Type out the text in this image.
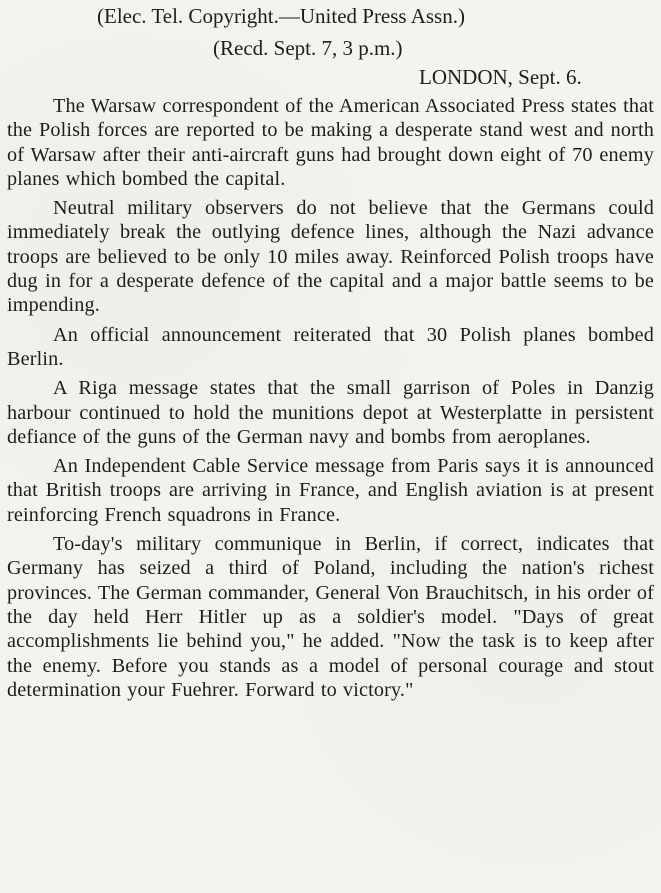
(Elec. Tel. Copyright.—United Press Assn.)

(Recd. Sept. 7, 3 p.m.)

LONDON, Sept. 6.

The Warsaw correspondent of the American Associated Press states that the Polish forces are reported to be making a desperate stand west and north of Warsaw after their anti-aircraft guns had brought down eight of 70 enemy planes which bombed the capital.

Neutral military observers do not believe that the Germans could immediately break the outlying defence lines, although the Nazi advance troops are believed to be only 10 miles away. Reinforced Polish troops have dug in for a desperate defence of the capital and a major battle seems to be impending.

An official announcement reiterated that 30 Polish planes bombed Berlin.

A Riga message states that the small garrison of Poles in Danzig harbour continued to hold the munitions depot at Westerplatte in persistent defiance of the guns of the German navy and bombs from aeroplanes.

An Independent Cable Service message from Paris says it is announced that British troops are arriving in France, and English aviation is at present reinforcing French squadrons in France.

To-day's military communique in Berlin, if correct, indicates that Germany has seized a third of Poland, including the nation's richest provinces. The German commander, General Von Brauchitsch, in his order of the day held Herr Hitler up as a soldier's model. "Days of great accomplishments lie behind you," he added. "Now the task is to keep after the enemy. Before you stands as a model of personal courage and stout determination your Fuehrer. Forward to victory."
